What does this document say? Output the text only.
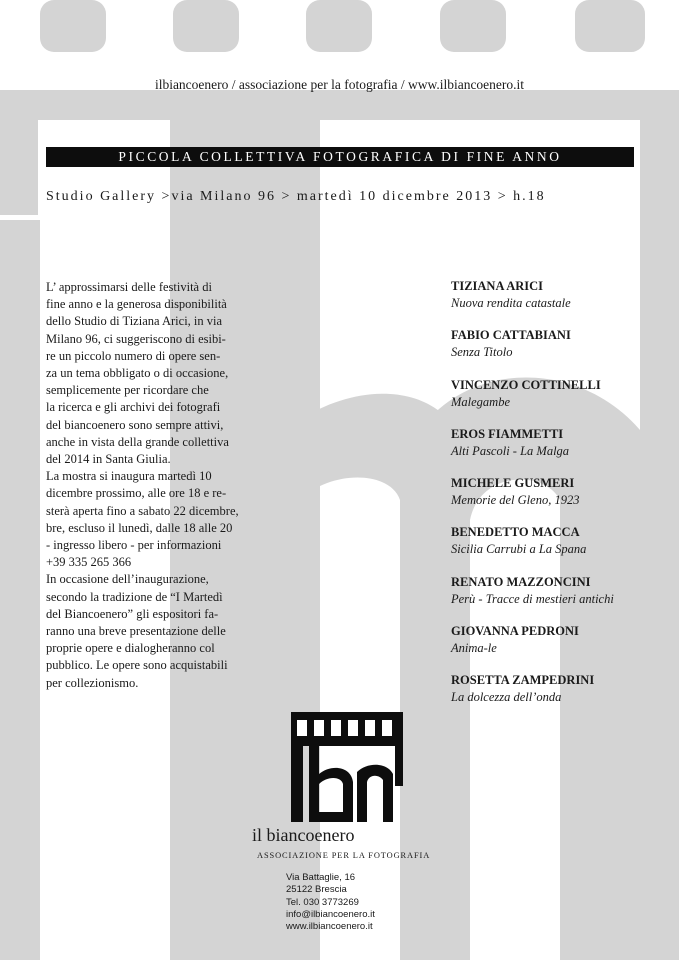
ilbiancoenero / associazione per la fotografia / www.ilbiancoenero.it
PICCOLA COLLETTIVA FOTOGRAFICA DI FINE ANNO
Studio Gallery >via Milano 96 > martedì 10 dicembre 2013 > h.18

L’ approssimarsi delle festività di

fine anno e la generosa disponibilità

dello Studio di Tiziana Arici, in via

Milano 96, ci suggeriscono di esibi-

re un piccolo numero di opere sen-

za un tema obbligato o di occasione,

semplicemente per ricordare che

la ricerca e gli archivi dei fotografi

del biancoenero sono sempre attivi,

anche in vista della grande collettiva

del 2014 in Santa Giulia.

La mostra si inaugura martedì 10

dicembre prossimo, alle ore 18 e re-

sterà aperta fino a sabato 22 dicembre,

bre, escluso il lunedì, dalle 18 alle 20

- ingresso libero - per informazioni

+39 335 265 366

In occasione dell’inaugurazione,

secondo la tradizione de “I Martedì

del Biancoenero” gli espositori fa-

ranno una breve presentazione delle

proprie opere e dialogheranno col

pubblico. Le opere sono acquistabili

per collezionismo.

TIZIANA ARICI
Nuova rendita catastale
FABIO CATTABIANI
Senza Titolo
VINCENZO COTTINELLI
Malegambe
EROS FIAMMETTI
Alti Pascoli - La Malga
MICHELE GUSMERI
Memorie del Gleno, 1923
BENEDETTO MACCA
Sicilia Carrubi a La Spana
RENATO MAZZONCINI
Perù - Tracce di mestieri antichi
GIOVANNA PEDRONI
Anima-le
ROSETTA ZAMPEDRINI
La dolcezza dell’onda
il biancoenero
ASSOCIAZIONE PER LA FOTOGRAFIA
Via Battaglie, 16
25122 Brescia
Tel. 030 3773269
info@ilbiancoenero.it
www.ilbiancoenero.it
